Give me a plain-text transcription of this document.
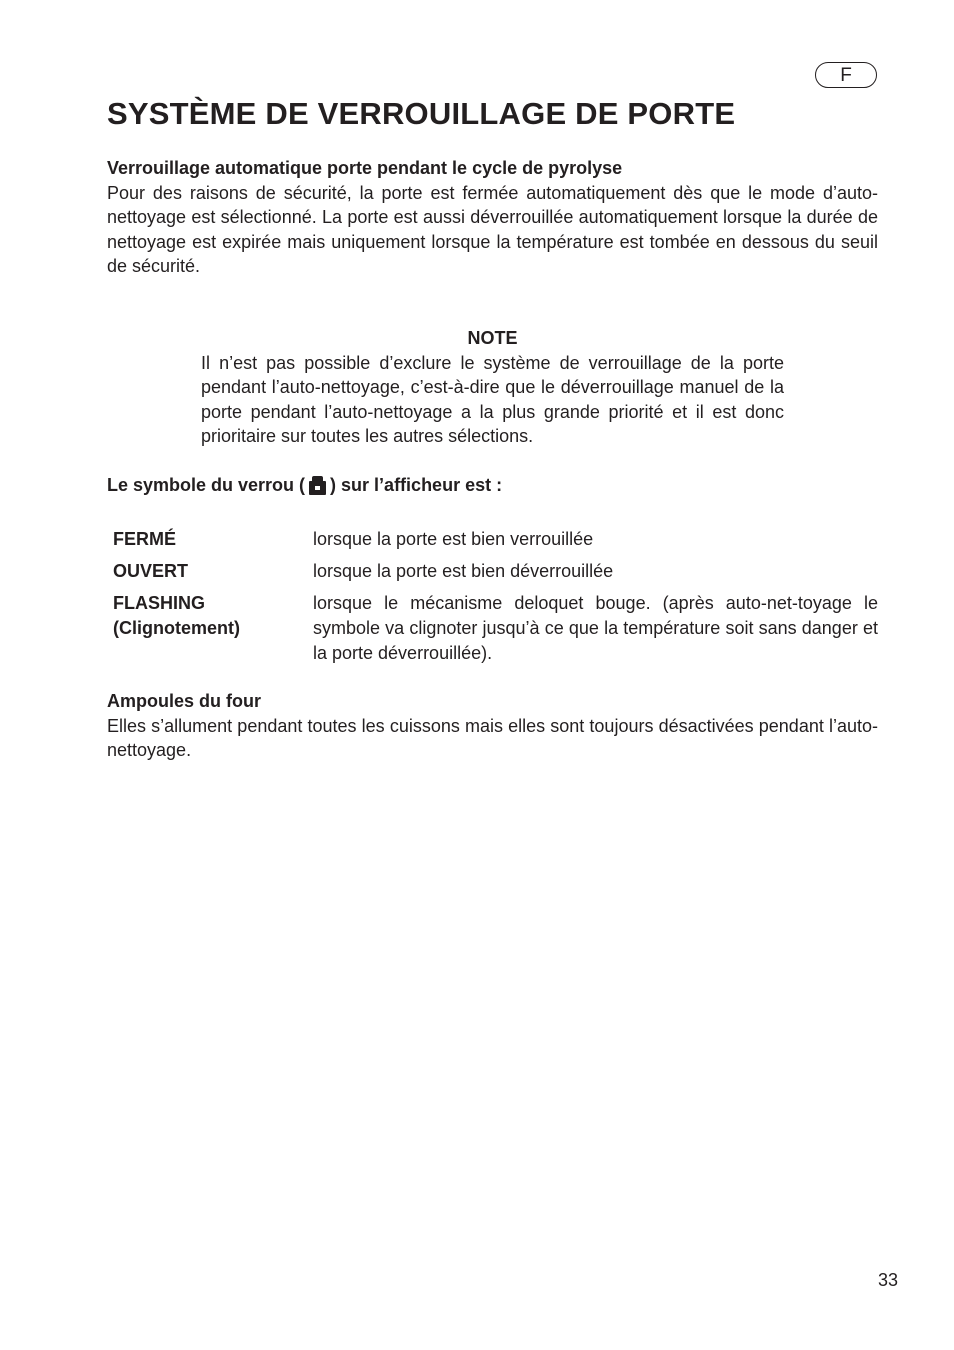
F
SYSTÈME DE VERROUILLAGE DE PORTE

Verrouillage automatique porte pendant le cycle de pyrolyse

Pour des raisons de sécurité, la porte est fermée automatiquement dès que le mode d’auto-nettoyage est sélectionné. La porte est aussi déverrouillée automatiquement lorsque la durée de nettoyage est expirée mais uniquement lorsque la température est tombée en dessous du seuil de sécurité.

NOTE

Il n’est pas possible d’exclure le système de verrouillage de la porte pendant l’auto-nettoyage, c’est-à-dire que le déverrouillage manuel de la porte pendant l’auto-nettoyage a la plus grande priorité et il est donc prioritaire sur toutes les autres sélections.

Le symbole du verrou ( ) sur l’afficheur est :
FERMÉ	lorsque la porte est bien verrouillée
OUVERT	lorsque la porte est bien déverrouillée
FLASHING (Clignotement)
lorsque le mécanisme deloquet bouge. (après auto-net-toyage le symbole va clignoter jusqu’à ce que la température soit sans danger et la porte déverrouillée).

Ampoules du four

Elles s’allument pendant toutes les cuissons mais elles sont toujours désactivées pendant l’auto-nettoyage.

33
